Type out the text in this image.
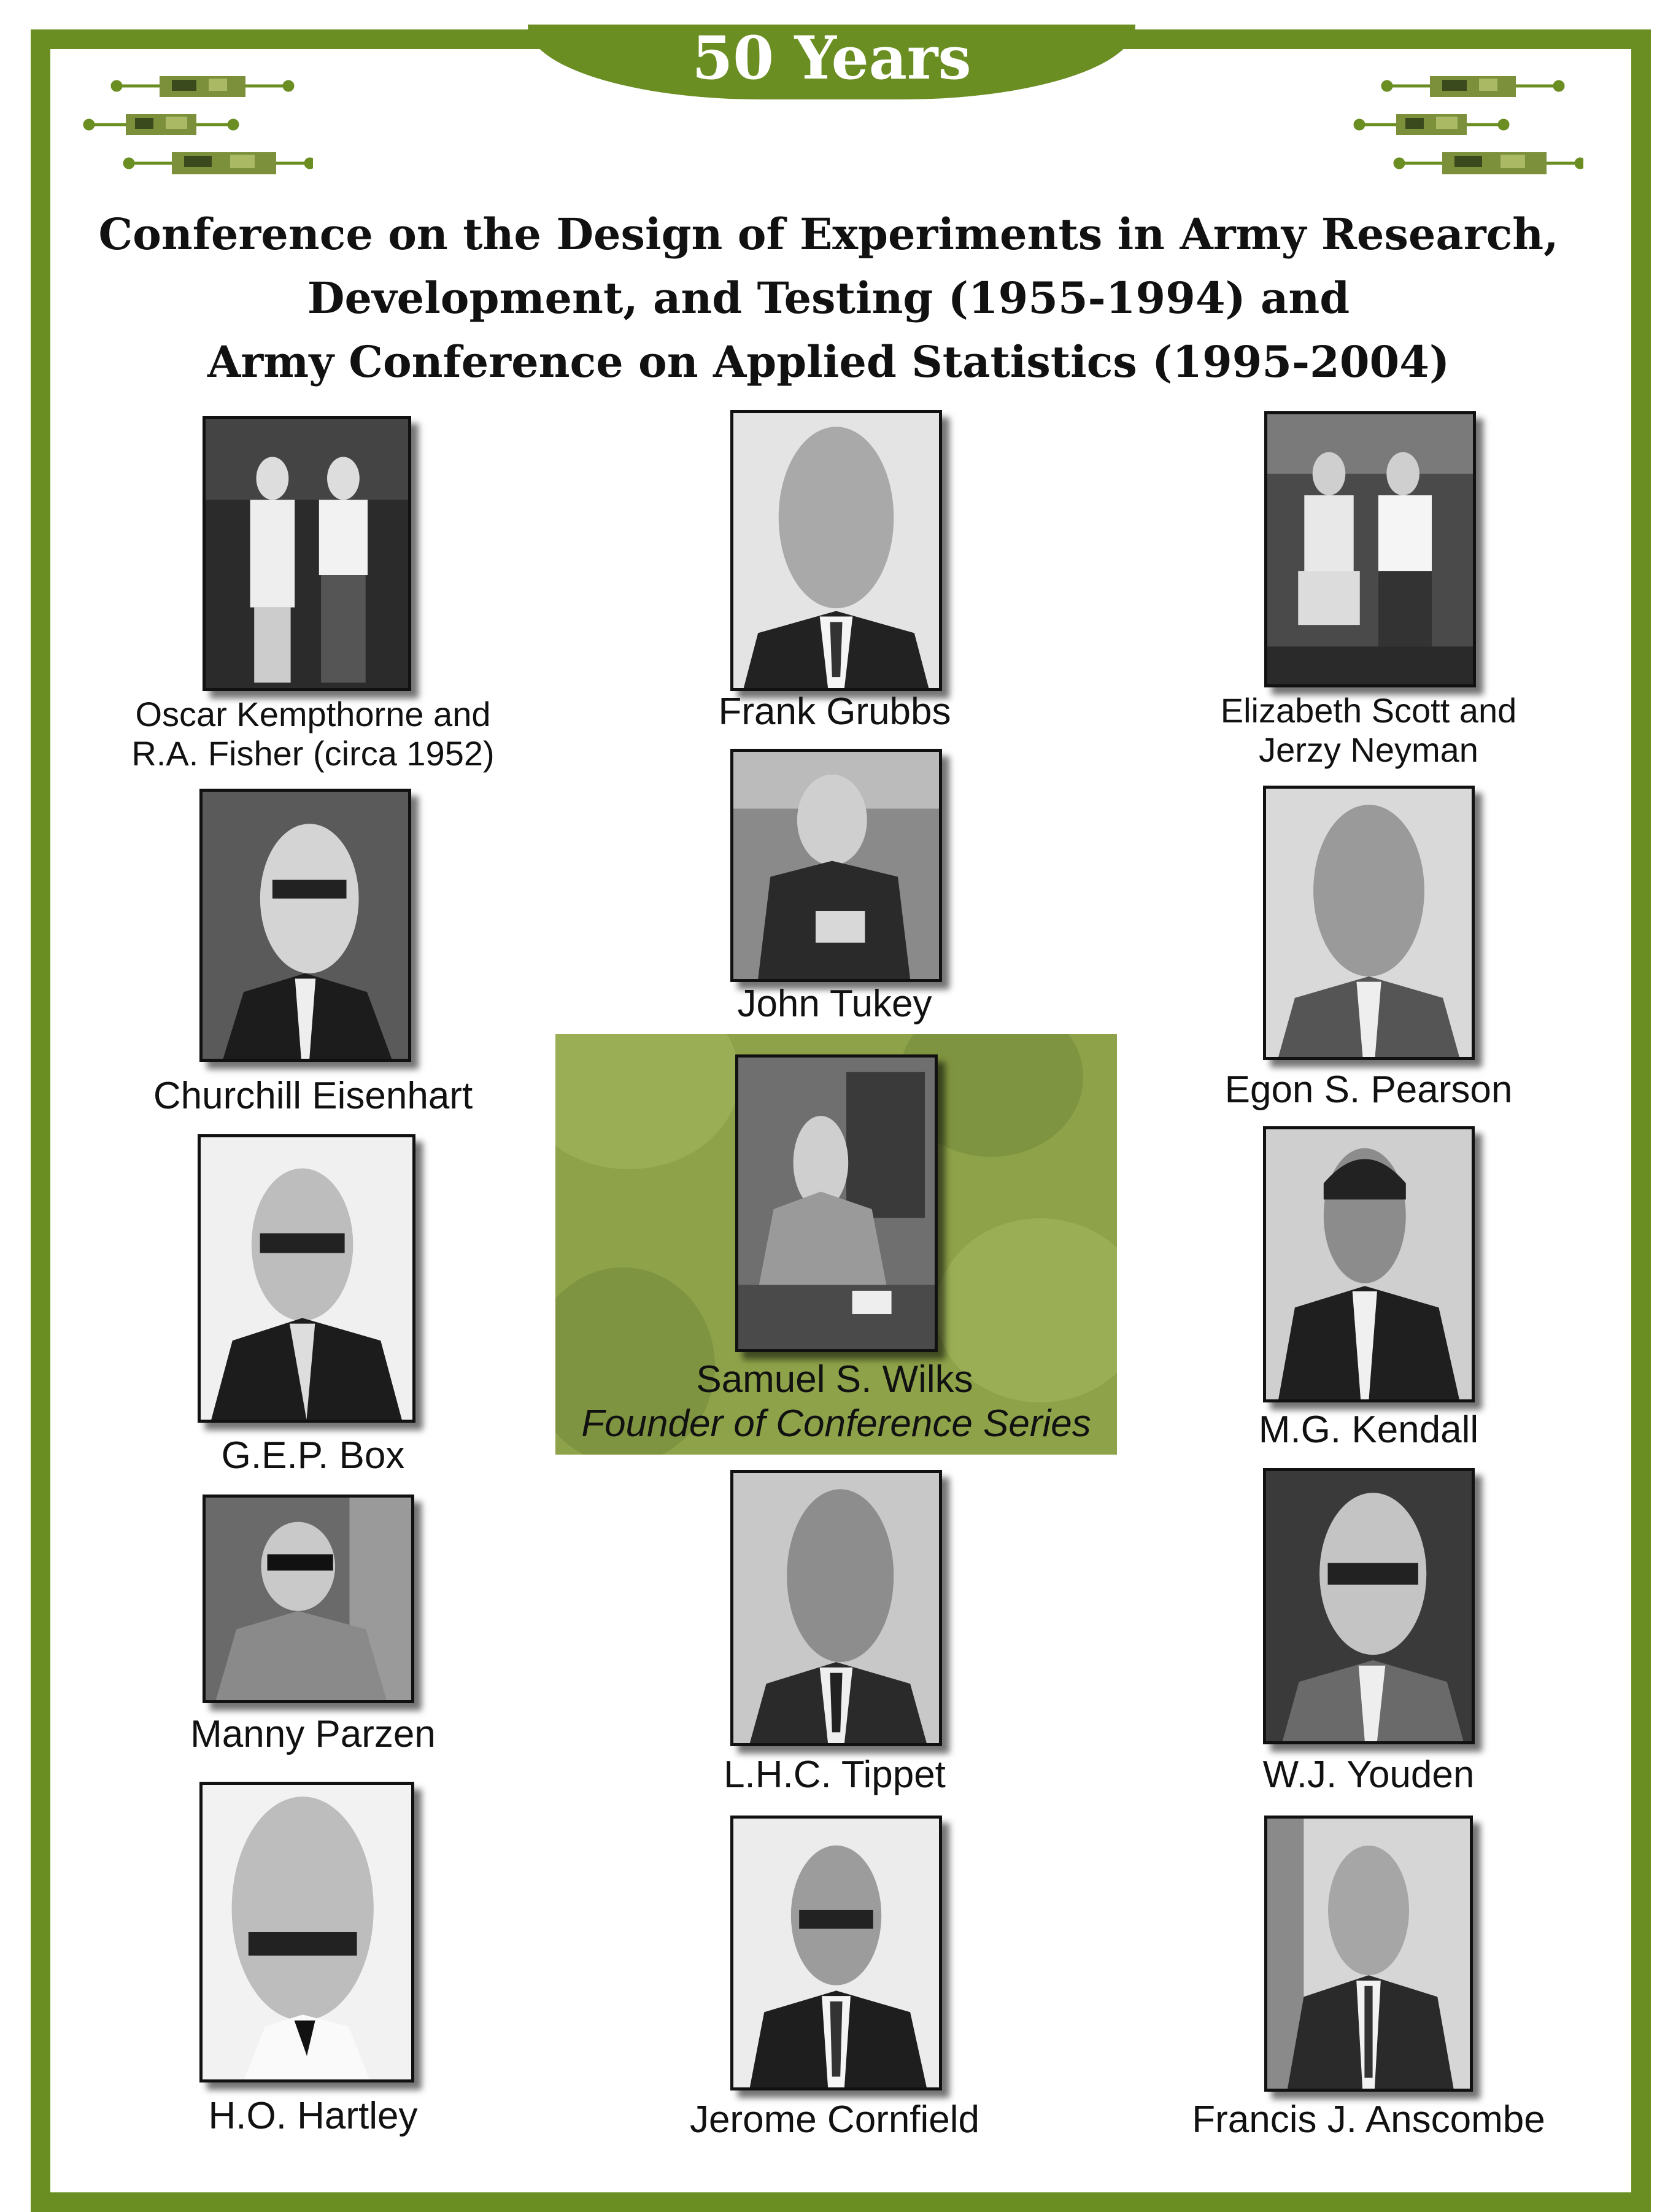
50 Years
Conference on the Design of Experiments in Army Research,
Development, and Testing (1955-1994) and
Army Conference on Applied Statistics (1995-2004)
Oscar Kempthorne and
R.A. Fisher (circa 1952)
Churchill Eisenhart
G.E.P. Box
Manny Parzen
H.O. Hartley
Frank Grubbs
John Tukey
Samuel S. Wilks
Founder of Conference Series
L.H.C. Tippet
Jerome Cornfield
Elizabeth Scott and
Jerzy Neyman
Egon S. Pearson
M.G. Kendall
W.J. Youden
Francis J. Anscombe
